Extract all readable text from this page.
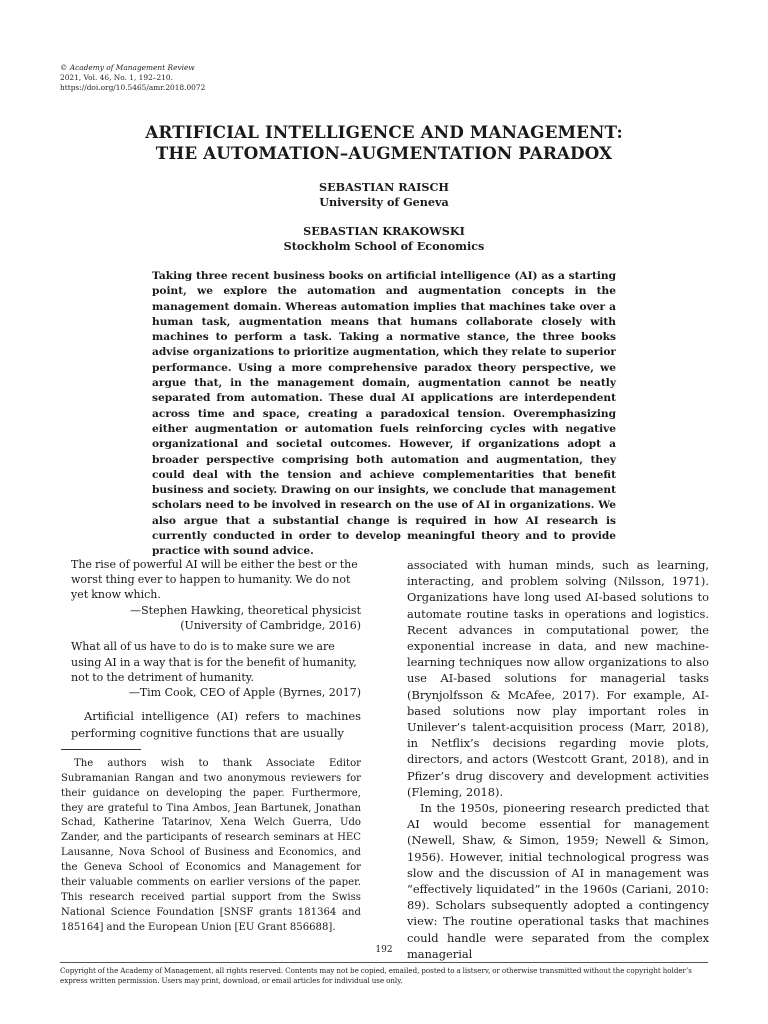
© Academy of Management Review
2021, Vol. 46, No. 1, 192–210.
https://doi.org/10.5465/amr.2018.0072
ARTIFICIAL INTELLIGENCE AND MANAGEMENT:
THE AUTOMATION–AUGMENTATION PARADOX
SEBASTIAN RAISCH
University of Geneva
SEBASTIAN KRAKOWSKI
Stockholm School of Economics
Taking three recent business books on artificial intelligence (AI) as a starting point, we explore the automation and augmentation concepts in the management domain. Whereas automation implies that machines take over a human task, augmentation means that humans collaborate closely with machines to perform a task. Taking a normative stance, the three books advise organizations to prioritize augmentation, which they relate to superior performance. Using a more comprehensive paradox theory perspective, we argue that, in the management domain, augmentation cannot be neatly separated from automation. These dual AI applications are interdependent across time and space, creating a paradoxical tension. Overemphasizing either augmentation or automation fuels reinforcing cycles with negative organizational and societal outcomes. However, if organizations adopt a broader perspective comprising both automation and augmentation, they could deal with the tension and achieve complementarities that benefit business and society. Drawing on our insights, we conclude that management scholars need to be involved in research on the use of AI in organizations. We also argue that a substantial change is required in how AI research is currently conducted in order to develop meaningful theory and to provide practice with sound advice.
The rise of powerful AI will be either the best or the worst thing ever to happen to humanity. We do not yet know which.
—Stephen Hawking, theoretical physicist
(University of Cambridge, 2016)
What all of us have to do is to make sure we are using AI in a way that is for the benefit of humanity, not to the detriment of humanity.
—Tim Cook, CEO of Apple (Byrnes, 2017)
Artificial intelligence (AI) refers to machines performing cognitive functions that are usually
The authors wish to thank Associate Editor Subramanian Rangan and two anonymous reviewers for their guidance on developing the paper. Furthermore, they are grateful to Tina Ambos, Jean Bartunek, Jonathan Schad, Katherine Tatarinov, Xena Welch Guerra, Udo Zander, and the participants of research seminars at HEC Lausanne, Nova School of Business and Economics, and the Geneva School of Economics and Management for their valuable comments on earlier versions of the paper. This research received partial support from the Swiss National Science Foundation [SNSF grants 181364 and 185164] and the European Union [EU Grant 856688].

associated with human minds, such as learning, interacting, and problem solving (Nilsson, 1971). Organizations have long used AI-based solutions to automate routine tasks in operations and logistics. Recent advances in computational power, the exponential increase in data, and new machine-learning techniques now allow organizations to also use AI-based solutions for managerial tasks (Brynjolfsson & McAfee, 2017). For example, AI-based solutions now play important roles in Unilever’s talent-acquisition process (Marr, 2018), in Netflix’s decisions regarding movie plots, directors, and actors (Westcott Grant, 2018), and in Pfizer’s drug discovery and development activities (Fleming, 2018).

In the 1950s, pioneering research predicted that AI would become essential for management (Newell, Shaw, & Simon, 1959; Newell & Simon, 1956). However, initial technological progress was slow and the discussion of AI in management was “effectively liquidated” in the 1960s (Cariani, 2010: 89). Scholars subsequently adopted a contingency view: The routine operational tasks that machines could handle were separated from the complex managerial

192
Copyright of the Academy of Management, all rights reserved. Contents may not be copied, emailed, posted to a listserv, or otherwise transmitted without the copyright holder’s express written permission. Users may print, download, or email articles for individual use only.
